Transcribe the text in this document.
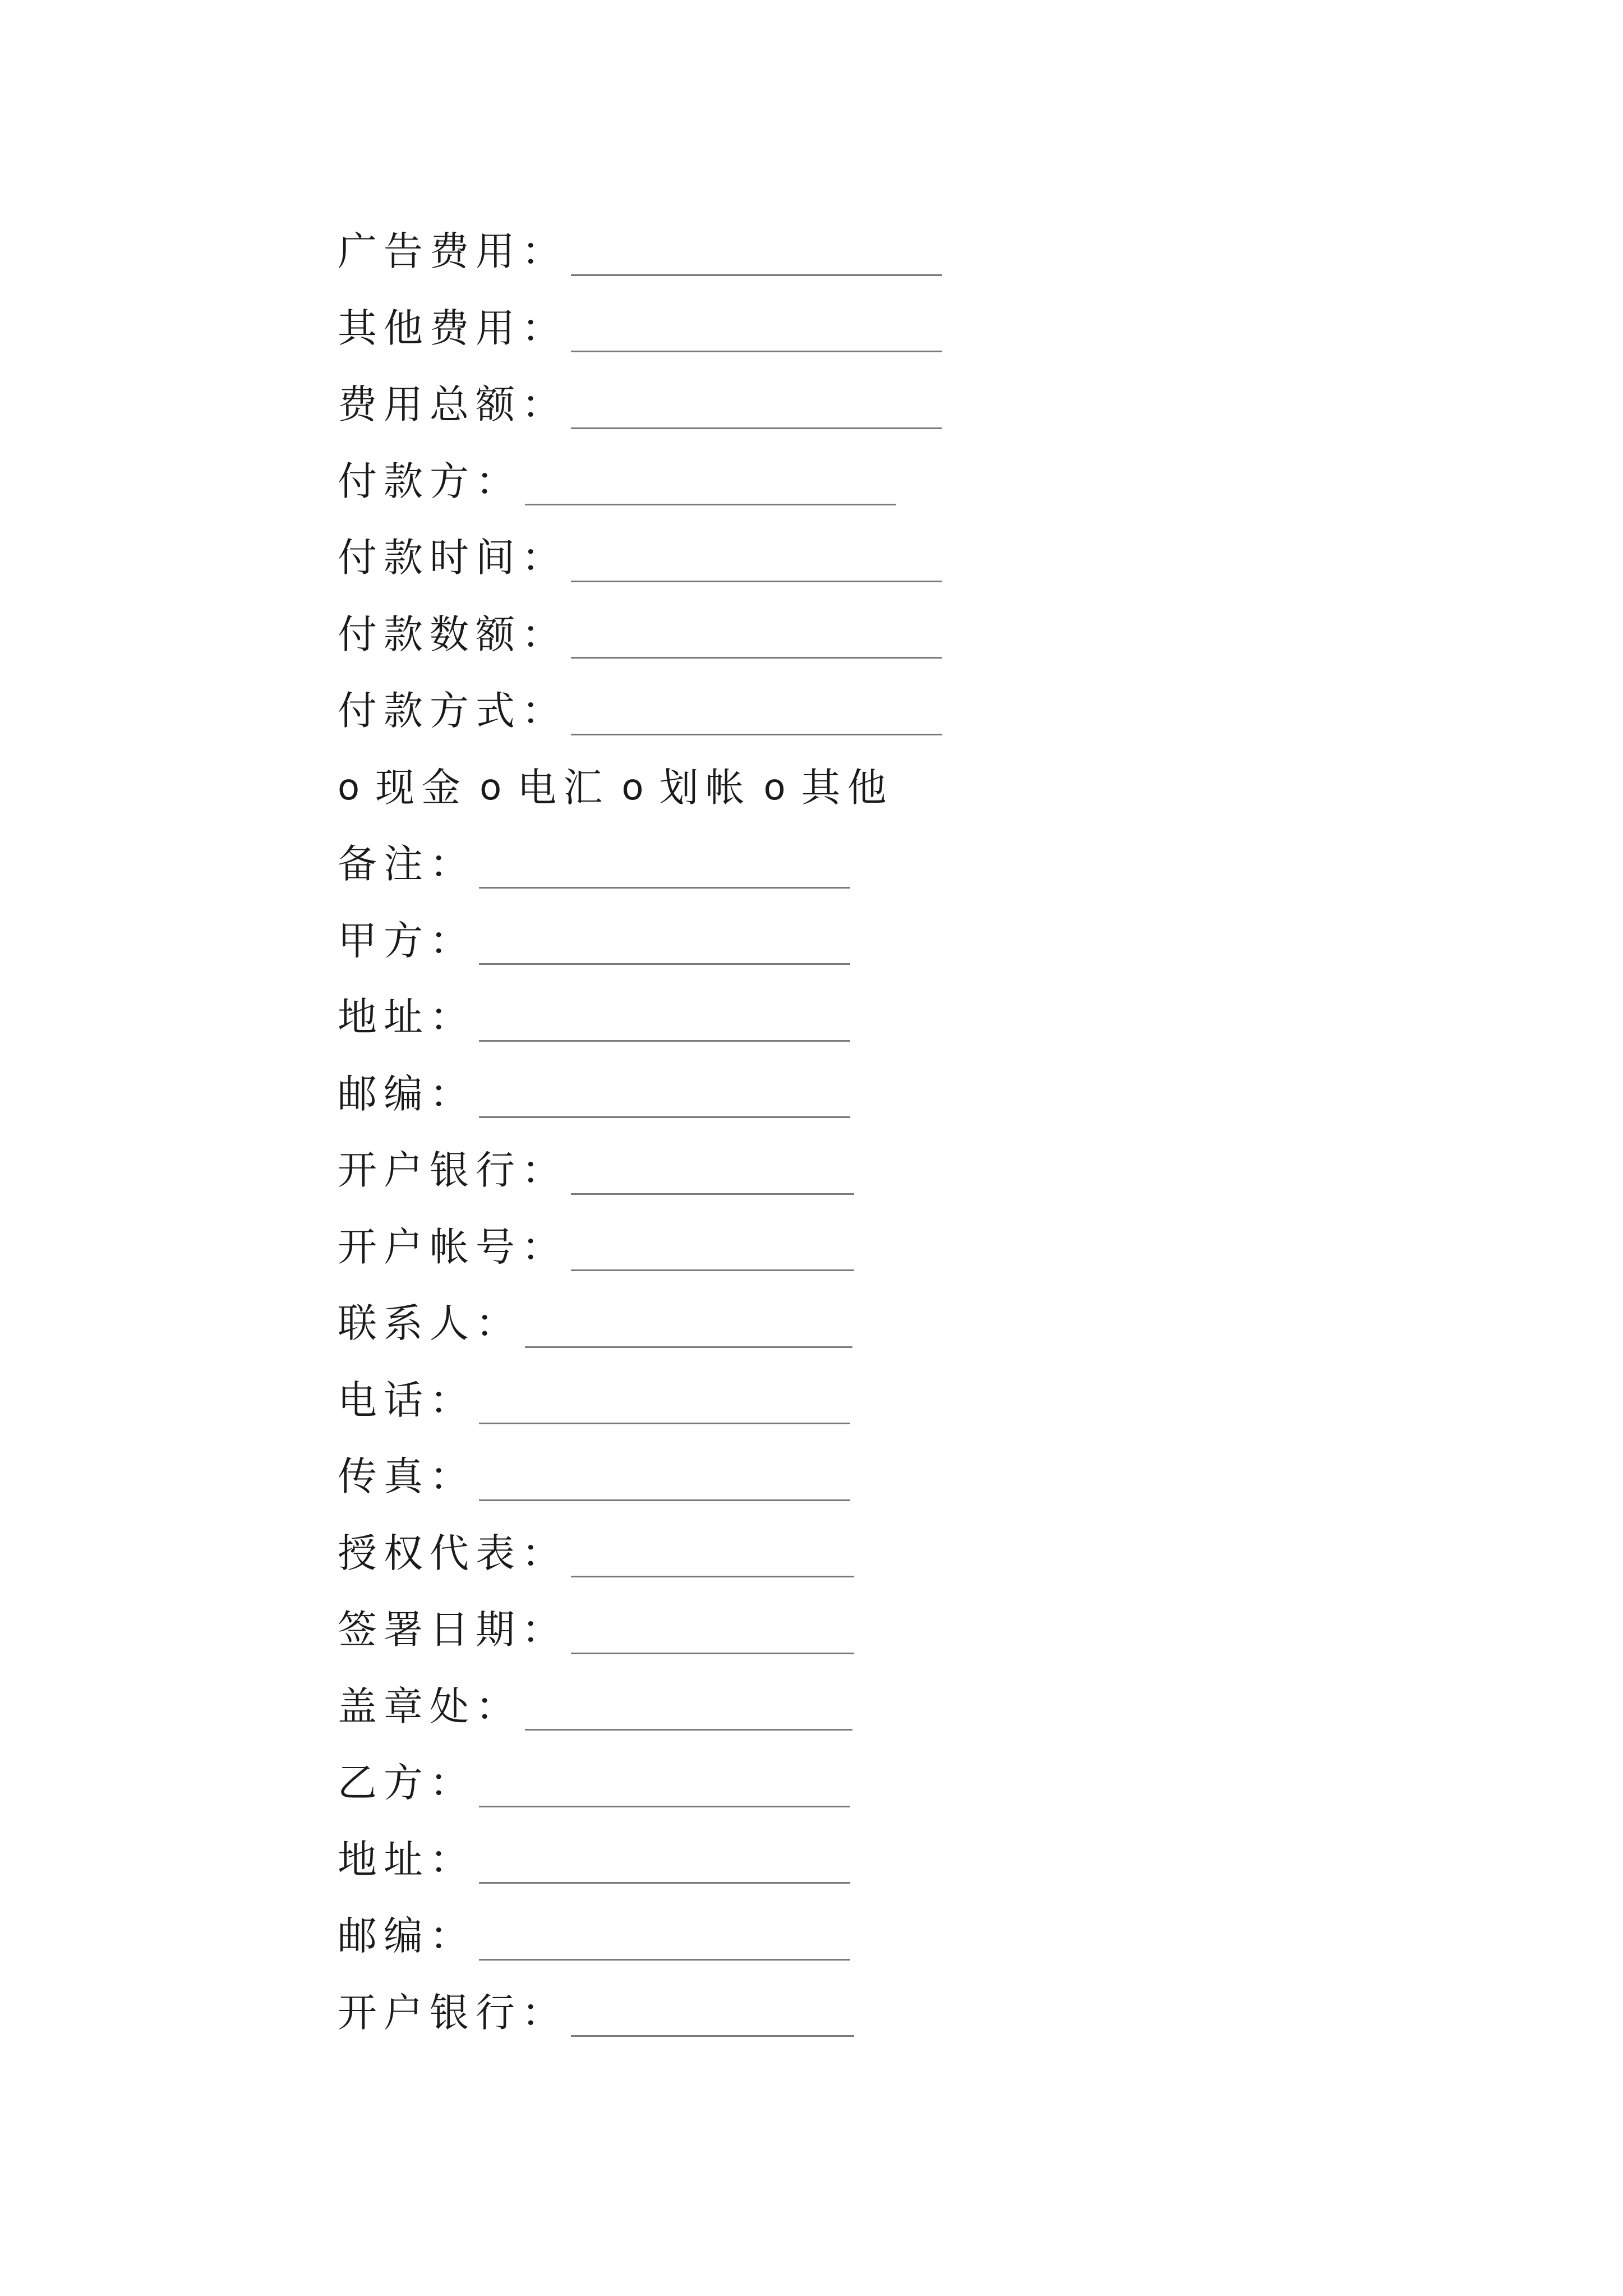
广告费用：
其他费用：
费用总额：
付款方：
付款时间：
付款数额：
付款方式：
o 现金 o 电汇 o 划帐 o 其他
备注：
甲方：
地址：
邮编：
开户银行：
开户帐号：
联系人：
电话：
传真：
授权代表：
签署日期：
盖章处：
乙方：
地址：
邮编：
开户银行：
